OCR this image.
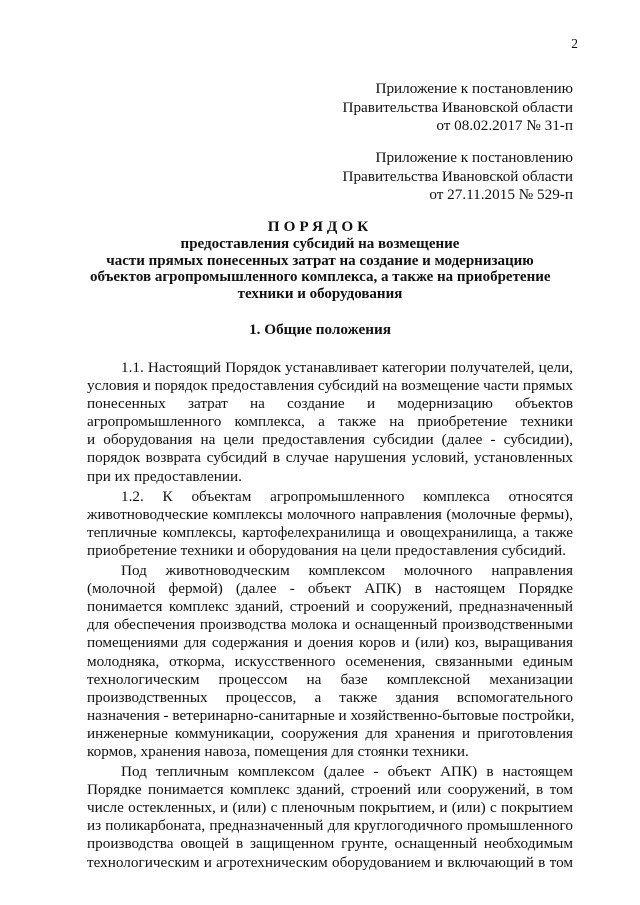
2
Приложение к постановлению
Правительства Ивановской области
от 08.02.2017 № 31-п
Приложение к постановлению
Правительства Ивановской области
от 27.11.2015 № 529-п
ПОРЯДОК
предоставления субсидий на возмещение
части прямых понесенных затрат на создание и модернизацию
объектов агропромышленного комплекса, а также на приобретение
техники и оборудования
1. Общие положения

1.1. Настоящий Порядок устанавливает категории получателей, цели,
условия и порядок предоставления субсидий на возмещение части прямых
понесенных затрат на создание и модернизацию объектов
агропромышленного комплекса, а также на приобретение техники
и оборудования на цели предоставления субсидии (далее - субсидии),
порядок возврата субсидий в случае нарушения условий, установленных
при их предоставлении.

1.2. К объектам агропромышленного комплекса относятся
животноводческие комплексы молочного направления (молочные фермы),
тепличные комплексы, картофелехранилища и овощехранилища, а также
приобретение техники и оборудования на цели предоставления субсидий.

Под животноводческим комплексом молочного направления
(молочной фермой) (далее - объект АПК) в настоящем Порядке
понимается комплекс зданий, строений и сооружений, предназначенный
для обеспечения производства молока и оснащенный производственными
помещениями для содержания и доения коров и (или) коз, выращивания
молодняка, откорма, искусственного осеменения, связанными единым
технологическим процессом на базе комплексной механизации
производственных процессов, а также здания вспомогательного
назначения - ветеринарно-санитарные и хозяйственно-бытовые постройки,
инженерные коммуникации, сооружения для хранения и приготовления
кормов, хранения навоза, помещения для стоянки техники.

Под тепличным комплексом (далее - объект АПК) в настоящем
Порядке понимается комплекс зданий, строений или сооружений, в том
числе остекленных, и (или) с пленочным покрытием, и (или) с покрытием
из поликарбоната, предназначенный для круглогодичного промышленного
производства овощей в защищенном грунте, оснащенный необходимым
технологическим и агротехническим оборудованием и включающий в том
